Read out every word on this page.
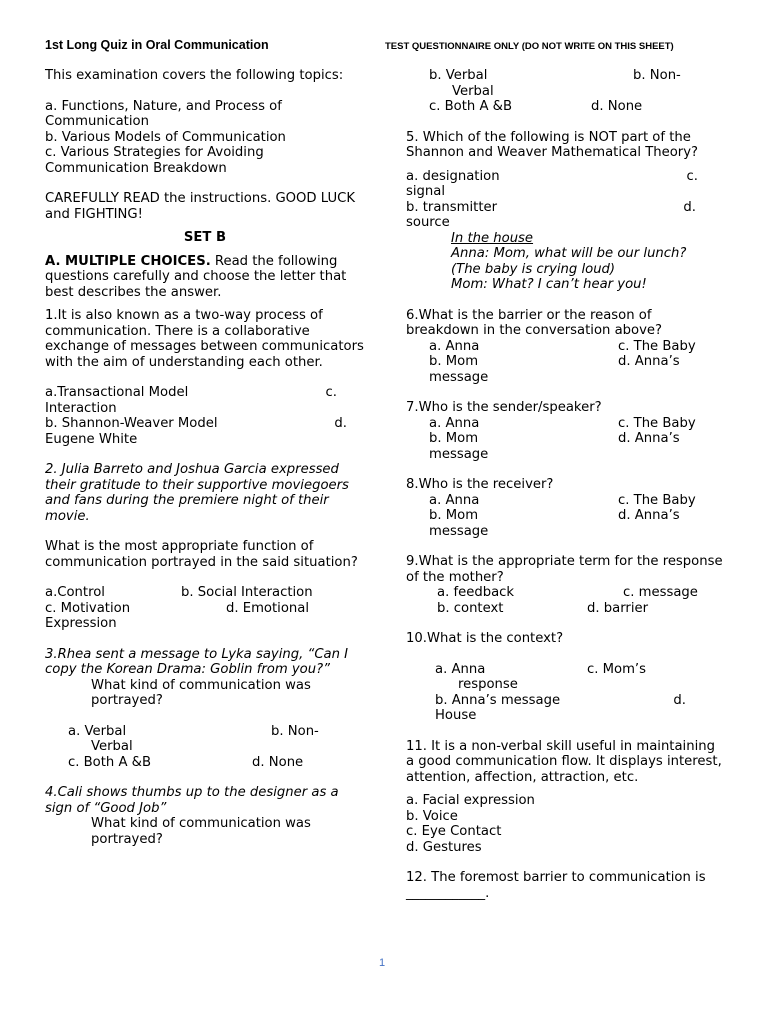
1st Long Quiz in Oral Communication	TEST QUESTIONNAIRE ONLY (DO NOT WRITE ON THIS SHEET)

This examination covers the following topics:

a. Functions, Nature, and Process of Communication

b. Various Models of Communication

c. Various Strategies for Avoiding Communication Breakdown

CAREFULLY READ the instructions. GOOD LUCK and FIGHTING!

SET B

A. MULTIPLE CHOICES. Read the following questions carefully and choose the letter that best describes the answer.

1.It is also known as a two-way process of communication. There is a collaborative exchange of messages between communicators with the aim of understanding each other.

a.Transactional Model	c.

Interaction

b. Shannon-Weaver Model	d.

Eugene White

2. Julia Barreto and Joshua Garcia expressed their gratitude to their supportive moviegoers and fans during the premiere night of their movie.

What is the most appropriate function of communication portrayed in the said situation?

a.Control	b. Social Interaction
c. Motivation	d. Emotional

Expression

3.Rhea sent a message to Lyka saying, “Can I copy the Korean Drama: Goblin from you?”

What kind of communication was portrayed?

a. Verbal	b. Non-

Verbal

c. Both A &B	d. None

4.Cali shows thumbs up to the designer as a sign of “Good Job”

What kind of communication was portrayed?

b. Verbal	b. Non-

Verbal

c. Both A &B	d. None

5. Which of the following is NOT part of the Shannon and Weaver Mathematical Theory?

a. designation	c.

signal

b. transmitter	d.

source

In the house

Anna: Mom, what will be our lunch?

(The baby is crying loud)

Mom: What? I can’t hear you!

6.What is the barrier or the reason of breakdown in the conversation above?

a. Anna	c. The Baby
b. Mom	d. Anna’s

message

7.Who is the sender/speaker?

a. Anna	c. The Baby
b. Mom	d. Anna’s

message

8.Who is the receiver?

a. Anna	c. The Baby
b. Mom	d. Anna’s

message

9.What is the appropriate term for the response of the mother?

a. feedback	c. message
b. context	d. barrier

10.What is the context?

a. Anna	c. Mom’s

response

b. Anna’s message	d.

House

11. It is a non-verbal skill useful in maintaining a good communication flow. It displays interest, attention, affection, attraction, etc.

a. Facial expression

b. Voice

c. Eye Contact

d. Gestures

12. The foremost barrier to communication is ____________.

1
